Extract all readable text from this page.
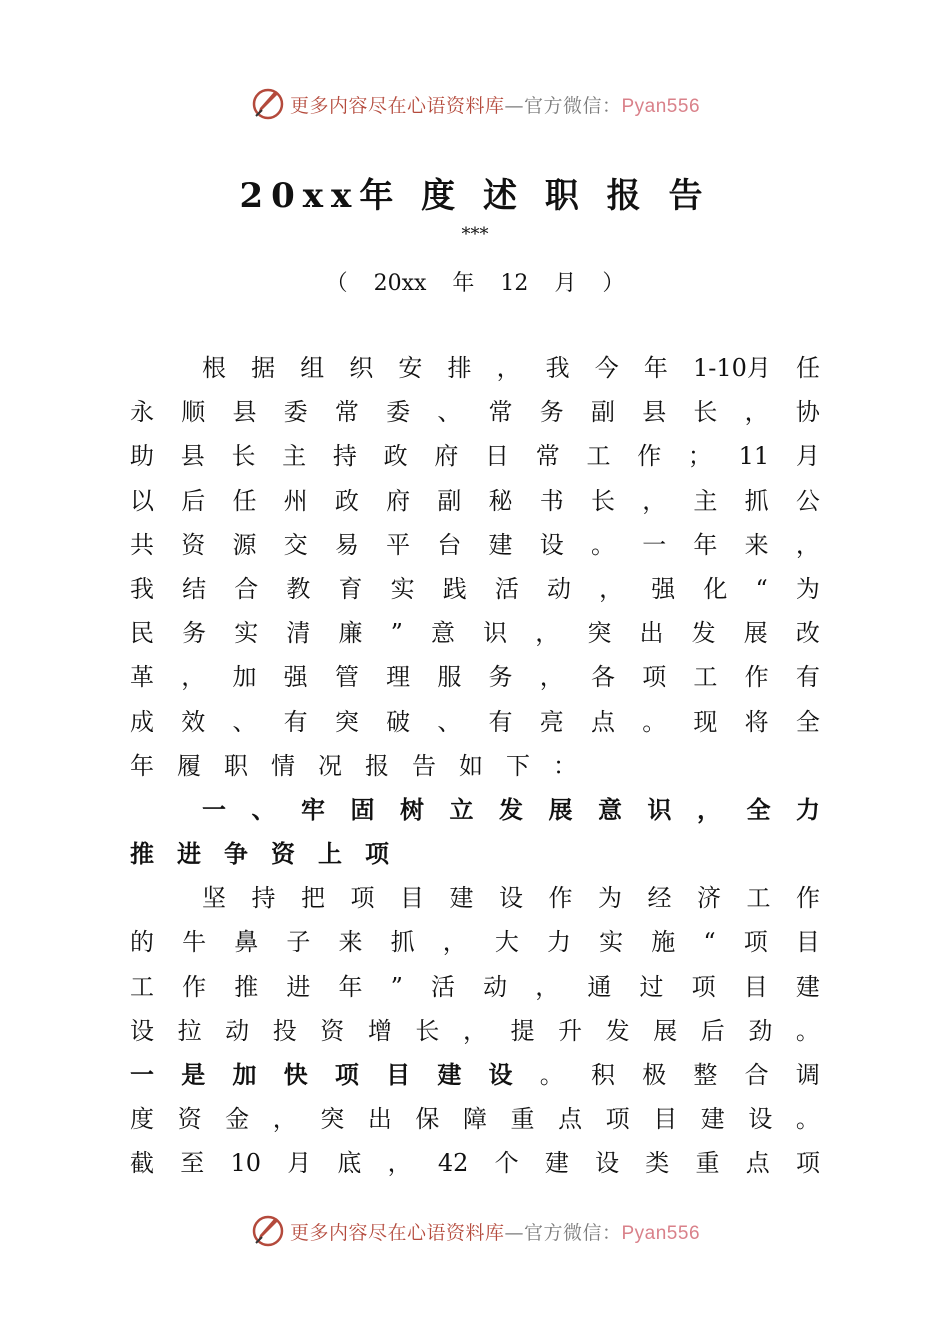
更多内容尽在心语资料库—官方微信：Pyan556
20xx年 度 述 职 报 告
***
（ 20xx 年 12 月 ）
根 据 组 织 安 排 ， 我 今 年 1-10月 任
永 顺 县 委 常 委 、 常 务 副 县 长 ， 协
助 县 长 主 持 政 府 日 常 工 作 ； 11 月
以 后 任 州 政 府 副 秘 书 长 ， 主 抓 公
共 资 源 交 易 平 台 建 设 。 一 年 来 ，
我 结 合 教 育 实 践 活 动 ， 强 化 “ 为
民 务 实 清 廉 ” 意 识 ， 突 出 发 展 改
革 ， 加 强 管 理 服 务 ， 各 项 工 作 有
成 效 、 有 突 破 、 有 亮 点 。 现 将 全
年 履 职 情 况 报 告 如 下 ：
一 、 牢 固 树 立 发 展 意 识 ， 全 力
推 进 争 资 上 项
坚 持 把 项 目 建 设 作 为 经 济 工 作
的 牛 鼻 子 来 抓 ， 大 力 实 施 “ 项 目
工 作 推 进 年 ” 活 动 ， 通 过 项 目 建
设 拉 动 投 资 增 长 ， 提 升 发 展 后 劲 。
一 是 加 快 项 目 建 设 。 积 极 整 合 调
度 资 金 ， 突 出 保 障 重 点 项 目 建 设 。
截 至 10 月 底 ， 42 个 建 设 类 重 点 项
更多内容尽在心语资料库—官方微信：Pyan556
